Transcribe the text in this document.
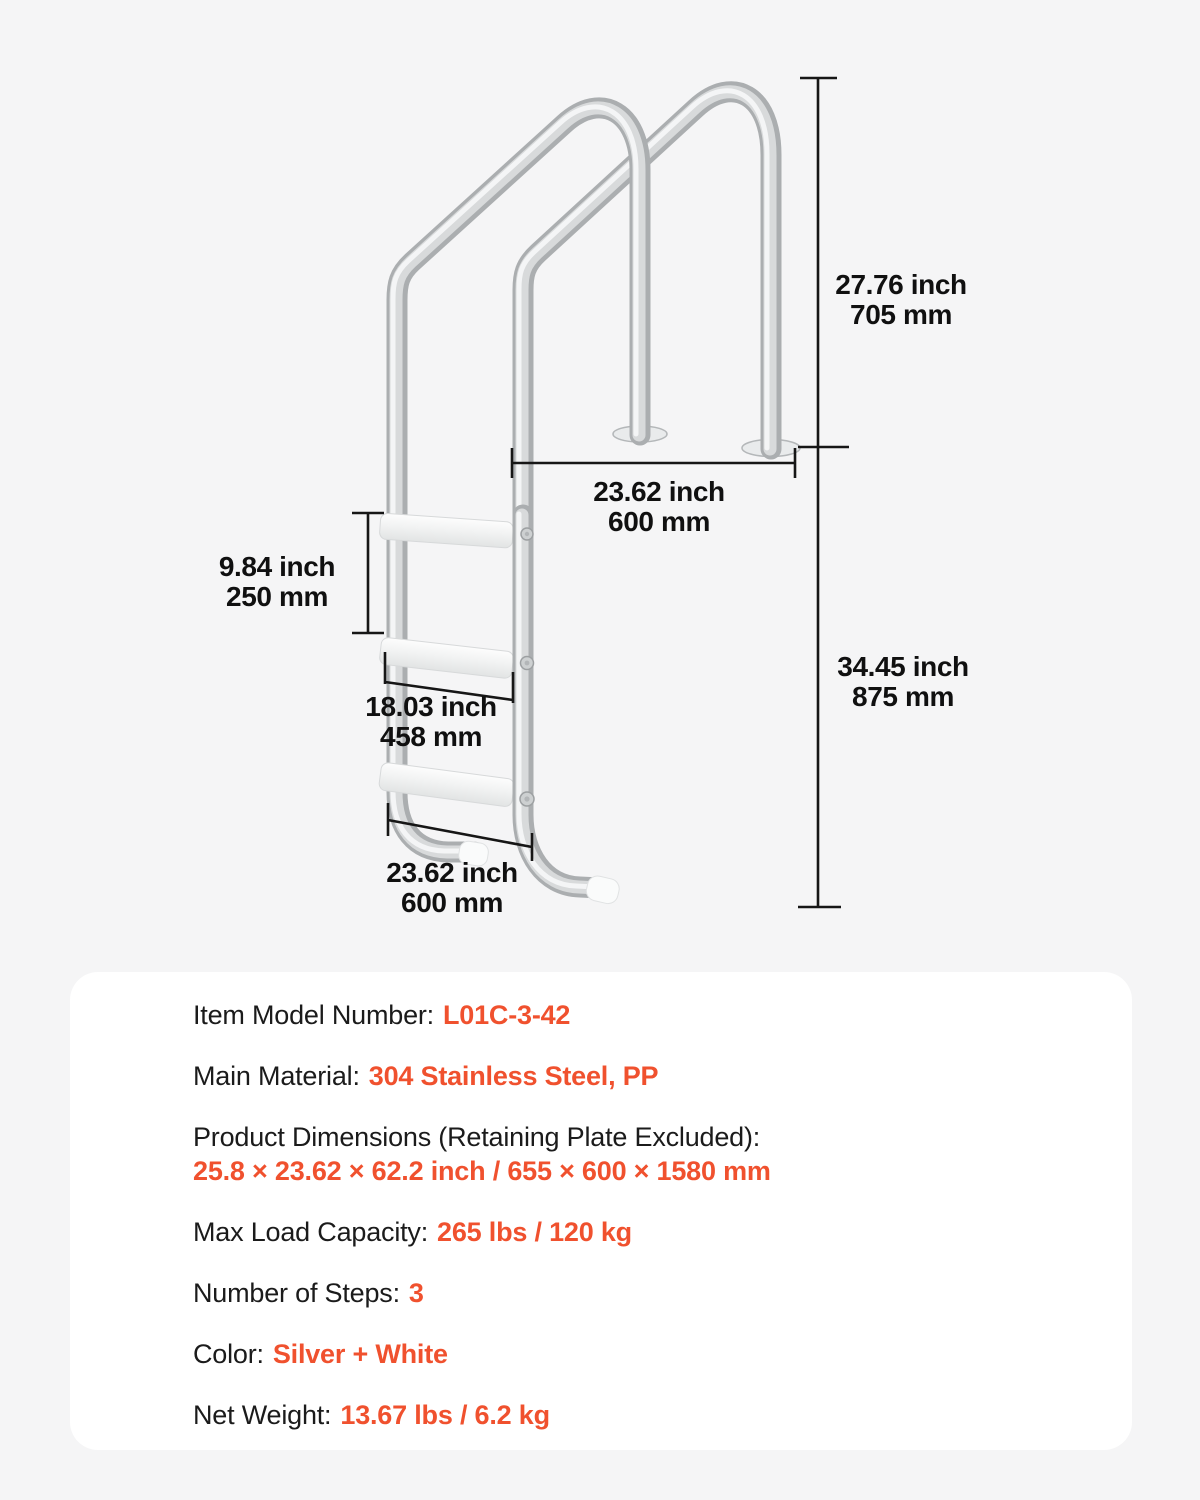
27.76 inch
705 mm
23.62 inch
600 mm
9.84 inch
250 mm
18.03 inch
458 mm
34.45 inch
875 mm
23.62 inch
600 mm
Item Model Number: L01C-3-42
Main Material: 304 Stainless Steel, PP
Product Dimensions (Retaining Plate Excluded):
25.8 × 23.62 × 62.2 inch / 655 × 600 × 1580 mm
Max Load Capacity: 265 lbs / 120 kg
Number of Steps: 3
Color: Silver + White
Net Weight: 13.67 lbs / 6.2 kg
